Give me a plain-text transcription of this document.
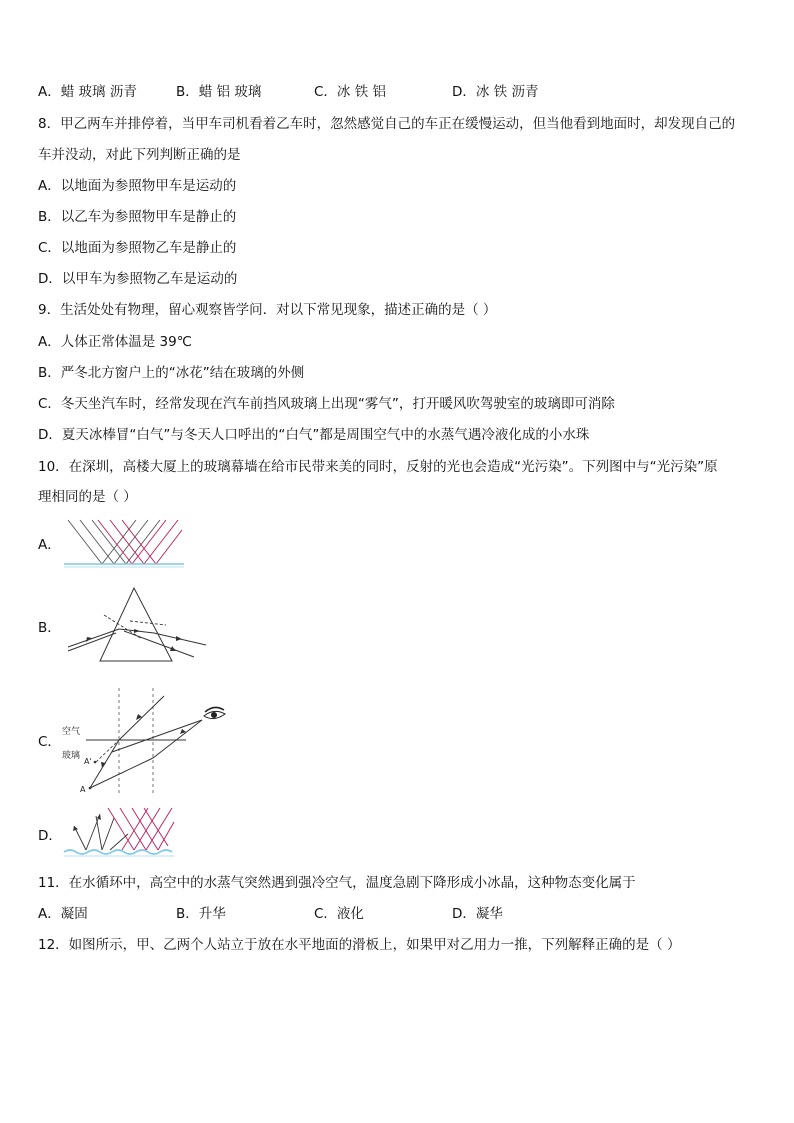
A．蜡 玻璃 沥青	B．蜡 铝 玻璃	C．冰 铁 铝	D．冰 铁 沥青
8．甲乙两车并排停着，当甲车司机看着乙车时，忽然感觉自己的车正在缓慢运动，但当他看到地面时，却发现自己的
车并没动，对此下列判断正确的是
A．以地面为参照物甲车是运动的
B．以乙车为参照物甲车是静止的
C．以地面为参照物乙车是静止的
D．以甲车为参照物乙车是运动的
9．生活处处有物理，留心观察皆学问．对以下常见现象，描述正确的是（ ）
A．人体正常体温是 39℃
B．严冬北方窗户上的“冰花”结在玻璃的外侧
C．冬天坐汽车时，经常发现在汽车前挡风玻璃上出现“雾气”，打开暖风吹驾驶室的玻璃即可消除
D．夏天冰棒冒“白气”与冬天人口呼出的“白气”都是周围空气中的水蒸气遇冷液化成的小水珠
10．在深圳，高楼大厦上的玻璃幕墙在给市民带来美的同时，反射的光也会造成“光污染”。下列图中与“光污染”原
理相同的是（ ）
A．
B．
C．
空气
玻璃
A'
A
D．
11．在水循环中，高空中的水蒸气突然遇到强冷空气，温度急剧下降形成小冰晶，这种物态变化属于
A．凝固	B．升华	C．液化	D．凝华
12．如图所示，甲、乙两个人站立于放在水平地面的滑板上，如果甲对乙用力一推，下列解释正确的是（ ）
